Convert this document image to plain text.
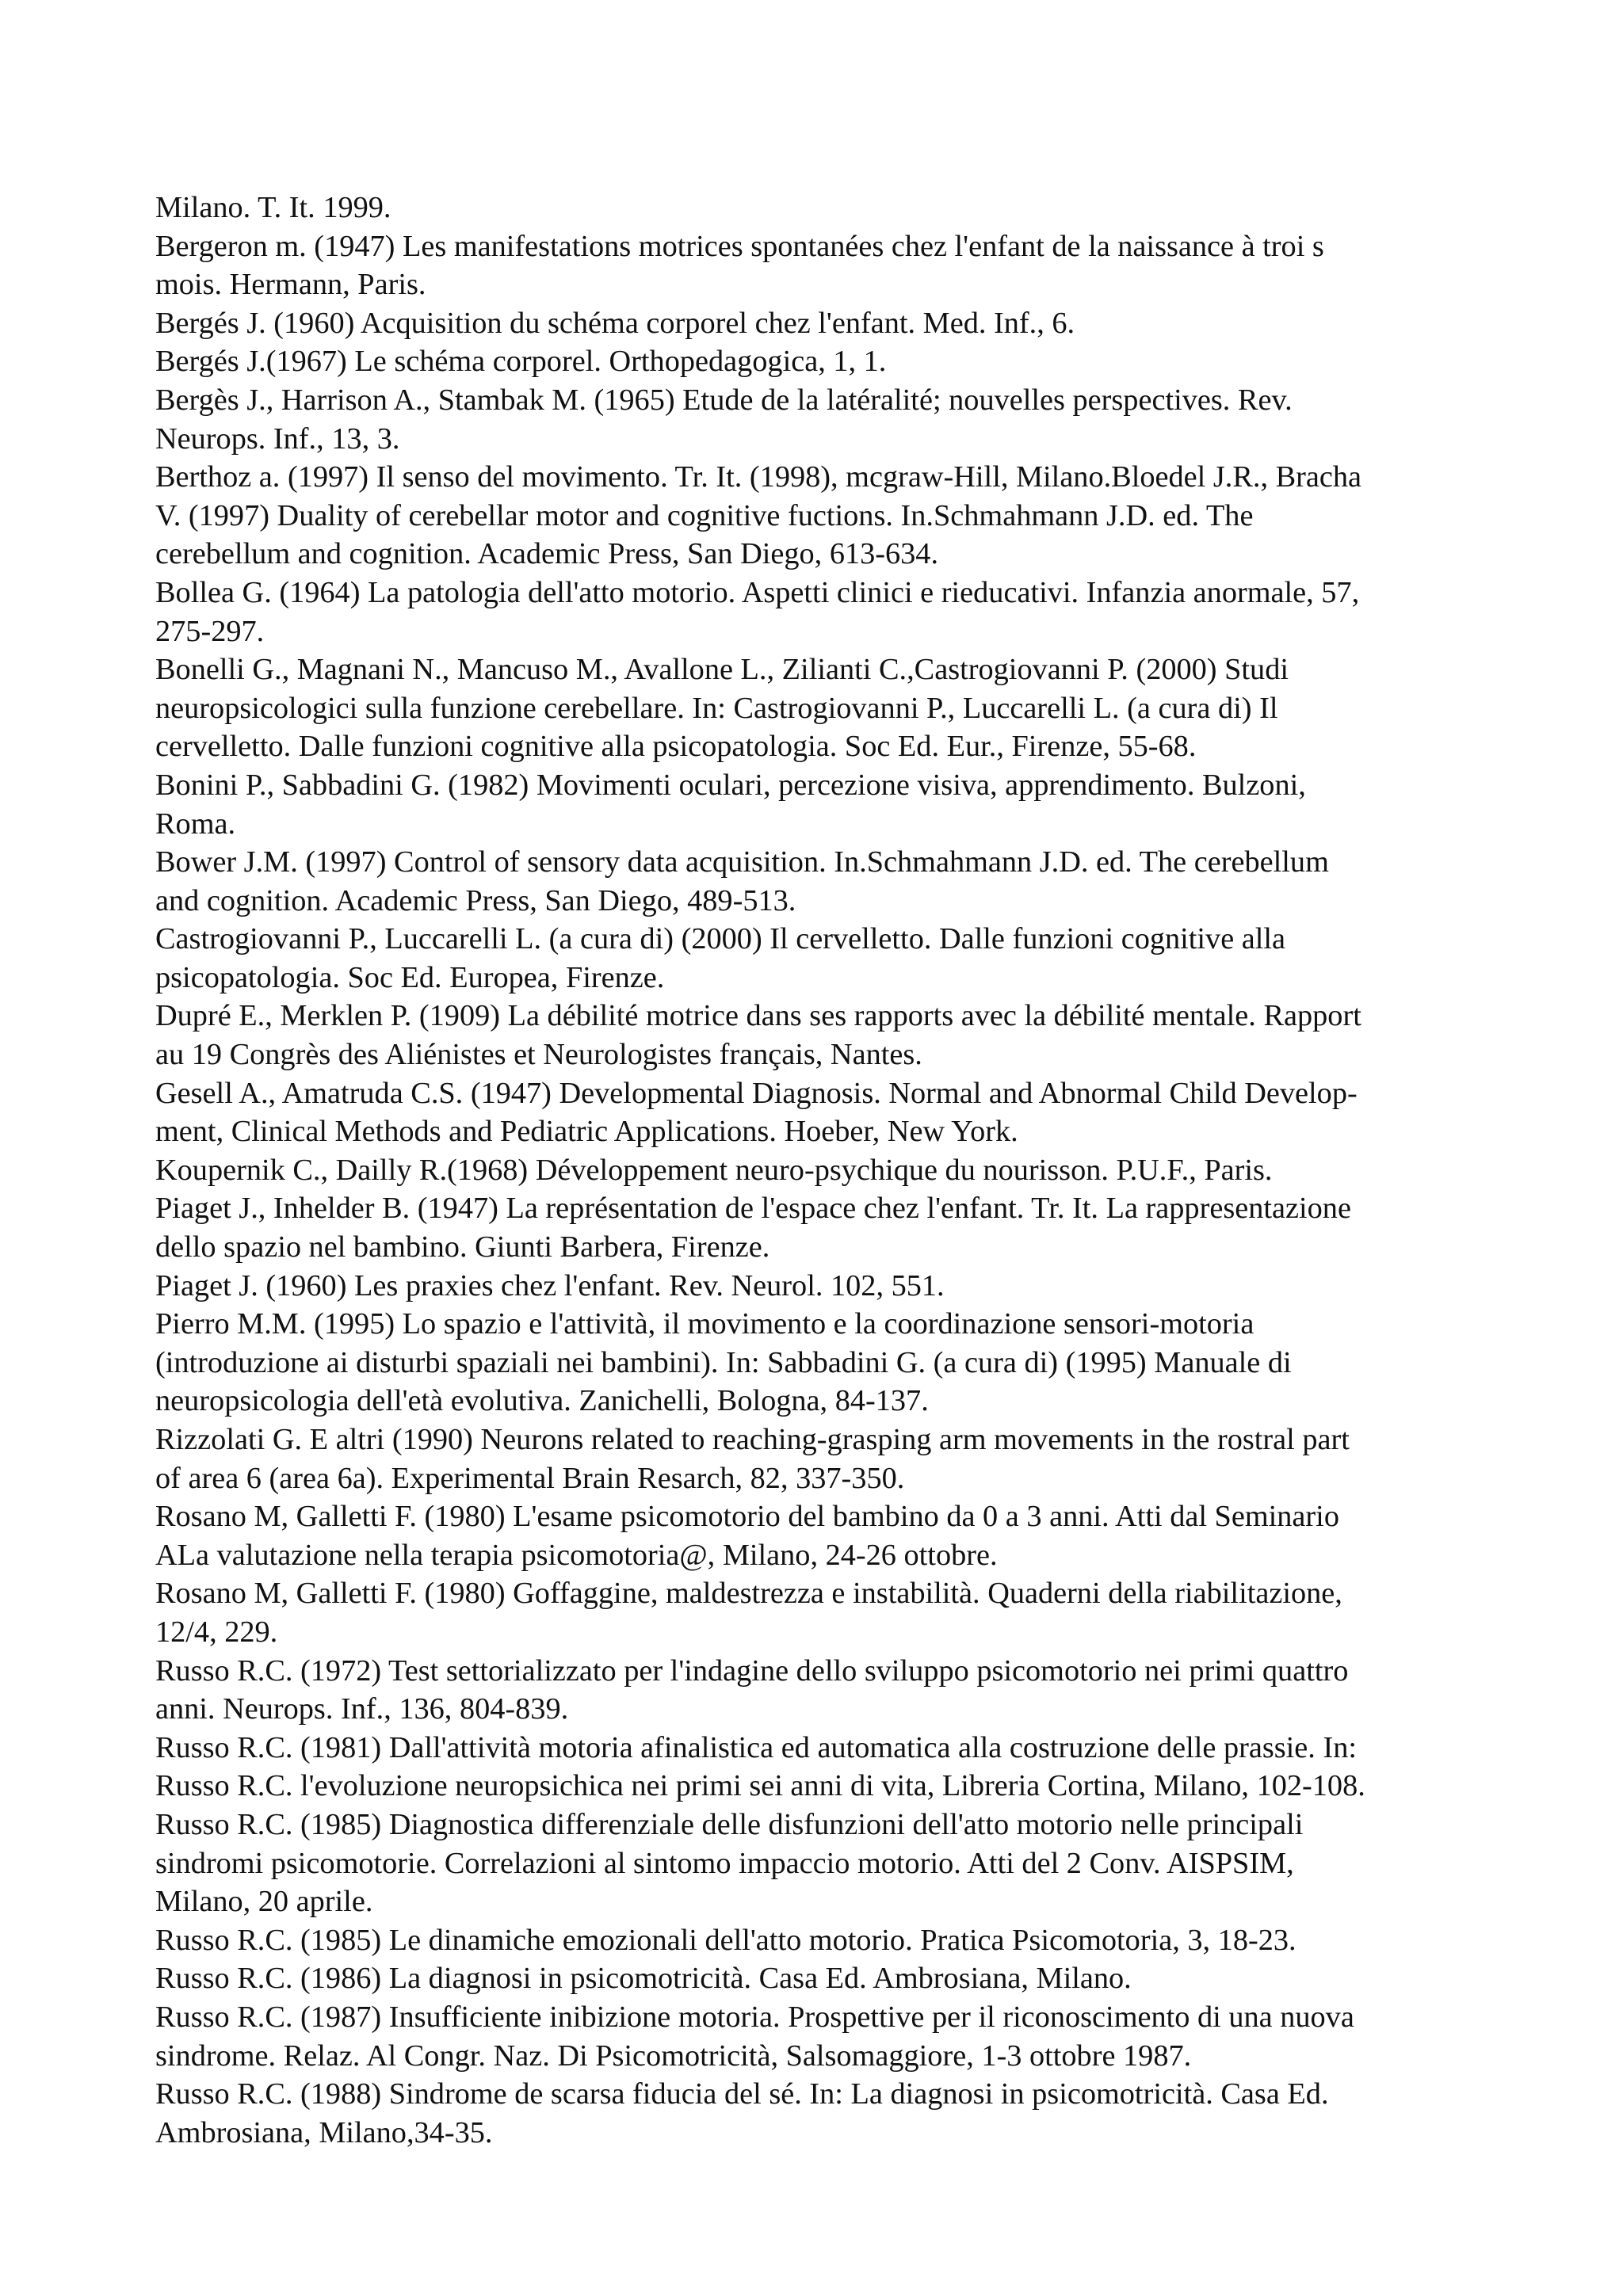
Milano. T. It. 1999.
Bergeron m. (1947) Les manifestations motrices spontanées chez l'enfant de la naissance à troi s
mois. Hermann, Paris.
Bergés J. (1960) Acquisition du schéma corporel chez l'enfant. Med. Inf., 6.
Bergés J.(1967) Le schéma corporel. Orthopedagogica, 1, 1.
Bergès J., Harrison A., Stambak M. (1965) Etude de la latéralité; nouvelles perspectives. Rev.
Neurops. Inf., 13, 3.
Berthoz a. (1997) Il senso del movimento. Tr. It. (1998), mcgraw-Hill, Milano.Bloedel J.R., Bracha
V. (1997) Duality of cerebellar motor and cognitive fuctions. In.Schmahmann J.D. ed. The
cerebellum and cognition. Academic Press, San Diego, 613-634.
Bollea G. (1964) La patologia dell'atto motorio. Aspetti clinici e rieducativi. Infanzia anormale, 57,
275-297.
Bonelli G., Magnani N., Mancuso M., Avallone L., Zilianti C.,Castrogiovanni P. (2000) Studi
neuropsicologici sulla funzione cerebellare. In: Castrogiovanni P., Luccarelli L. (a cura di) Il
cervelletto. Dalle funzioni cognitive alla psicopatologia. Soc Ed. Eur., Firenze, 55-68.
Bonini P., Sabbadini G. (1982) Movimenti oculari, percezione visiva, apprendimento. Bulzoni,
Roma.
Bower J.M. (1997) Control of sensory data acquisition. In.Schmahmann J.D. ed. The cerebellum
and cognition. Academic Press, San Diego, 489-513.
Castrogiovanni P., Luccarelli L. (a cura di) (2000) Il cervelletto. Dalle funzioni cognitive alla
psicopatologia. Soc Ed. Europea, Firenze.
Dupré E., Merklen P. (1909) La débilité motrice dans ses rapports avec la débilité mentale. Rapport
au 19 Congrès des Aliénistes et Neurologistes français, Nantes.
Gesell A., Amatruda C.S. (1947) Developmental Diagnosis. Normal and Abnormal Child Develop-
ment, Clinical Methods and Pediatric Applications. Hoeber, New York.
Koupernik C., Dailly R.(1968) Développement neuro-psychique du nourisson. P.U.F., Paris.
Piaget J., Inhelder B. (1947) La représentation de l'espace chez l'enfant. Tr. It. La rappresentazione
dello spazio nel bambino. Giunti Barbera, Firenze.
Piaget J. (1960) Les praxies chez l'enfant. Rev. Neurol. 102, 551.
Pierro M.M. (1995) Lo spazio e l'attività, il movimento e la coordinazione sensori-motoria
(introduzione ai disturbi spaziali nei bambini). In: Sabbadini G. (a cura di) (1995) Manuale di
neuropsicologia dell'età evolutiva. Zanichelli, Bologna, 84-137.
Rizzolati G. E altri (1990) Neurons related to reaching-grasping arm movements in the rostral part
of area 6 (area 6a). Experimental Brain Resarch, 82, 337-350.
Rosano M, Galletti F. (1980) L'esame psicomotorio del bambino da 0 a 3 anni. Atti dal Seminario
ALa valutazione nella terapia psicomotoria@, Milano, 24-26 ottobre.
Rosano M, Galletti F. (1980) Goffaggine, maldestrezza e instabilità. Quaderni della riabilitazione,
12/4, 229.
Russo R.C. (1972) Test settorializzato per l'indagine dello sviluppo psicomotorio nei primi quattro
anni. Neurops. Inf., 136, 804-839.
Russo R.C. (1981) Dall'attività motoria afinalistica ed automatica alla costruzione delle prassie. In:
Russo R.C. l'evoluzione neuropsichica nei primi sei anni di vita, Libreria Cortina, Milano, 102-108.
Russo R.C. (1985) Diagnostica differenziale delle disfunzioni dell'atto motorio nelle principali
sindromi psicomotorie. Correlazioni al sintomo impaccio motorio. Atti del 2 Conv. AISPSIM,
Milano, 20 aprile.
Russo R.C. (1985) Le dinamiche emozionali dell'atto motorio. Pratica Psicomotoria, 3, 18-23.
Russo R.C. (1986) La diagnosi in psicomotricità. Casa Ed. Ambrosiana, Milano.
Russo R.C. (1987) Insufficiente inibizione motoria. Prospettive per il riconoscimento di una nuova
sindrome. Relaz. Al Congr. Naz. Di Psicomotricità, Salsomaggiore, 1-3 ottobre 1987.
Russo R.C. (1988) Sindrome de scarsa fiducia del sé. In: La diagnosi in psicomotricità. Casa Ed.
Ambrosiana, Milano,34-35.
